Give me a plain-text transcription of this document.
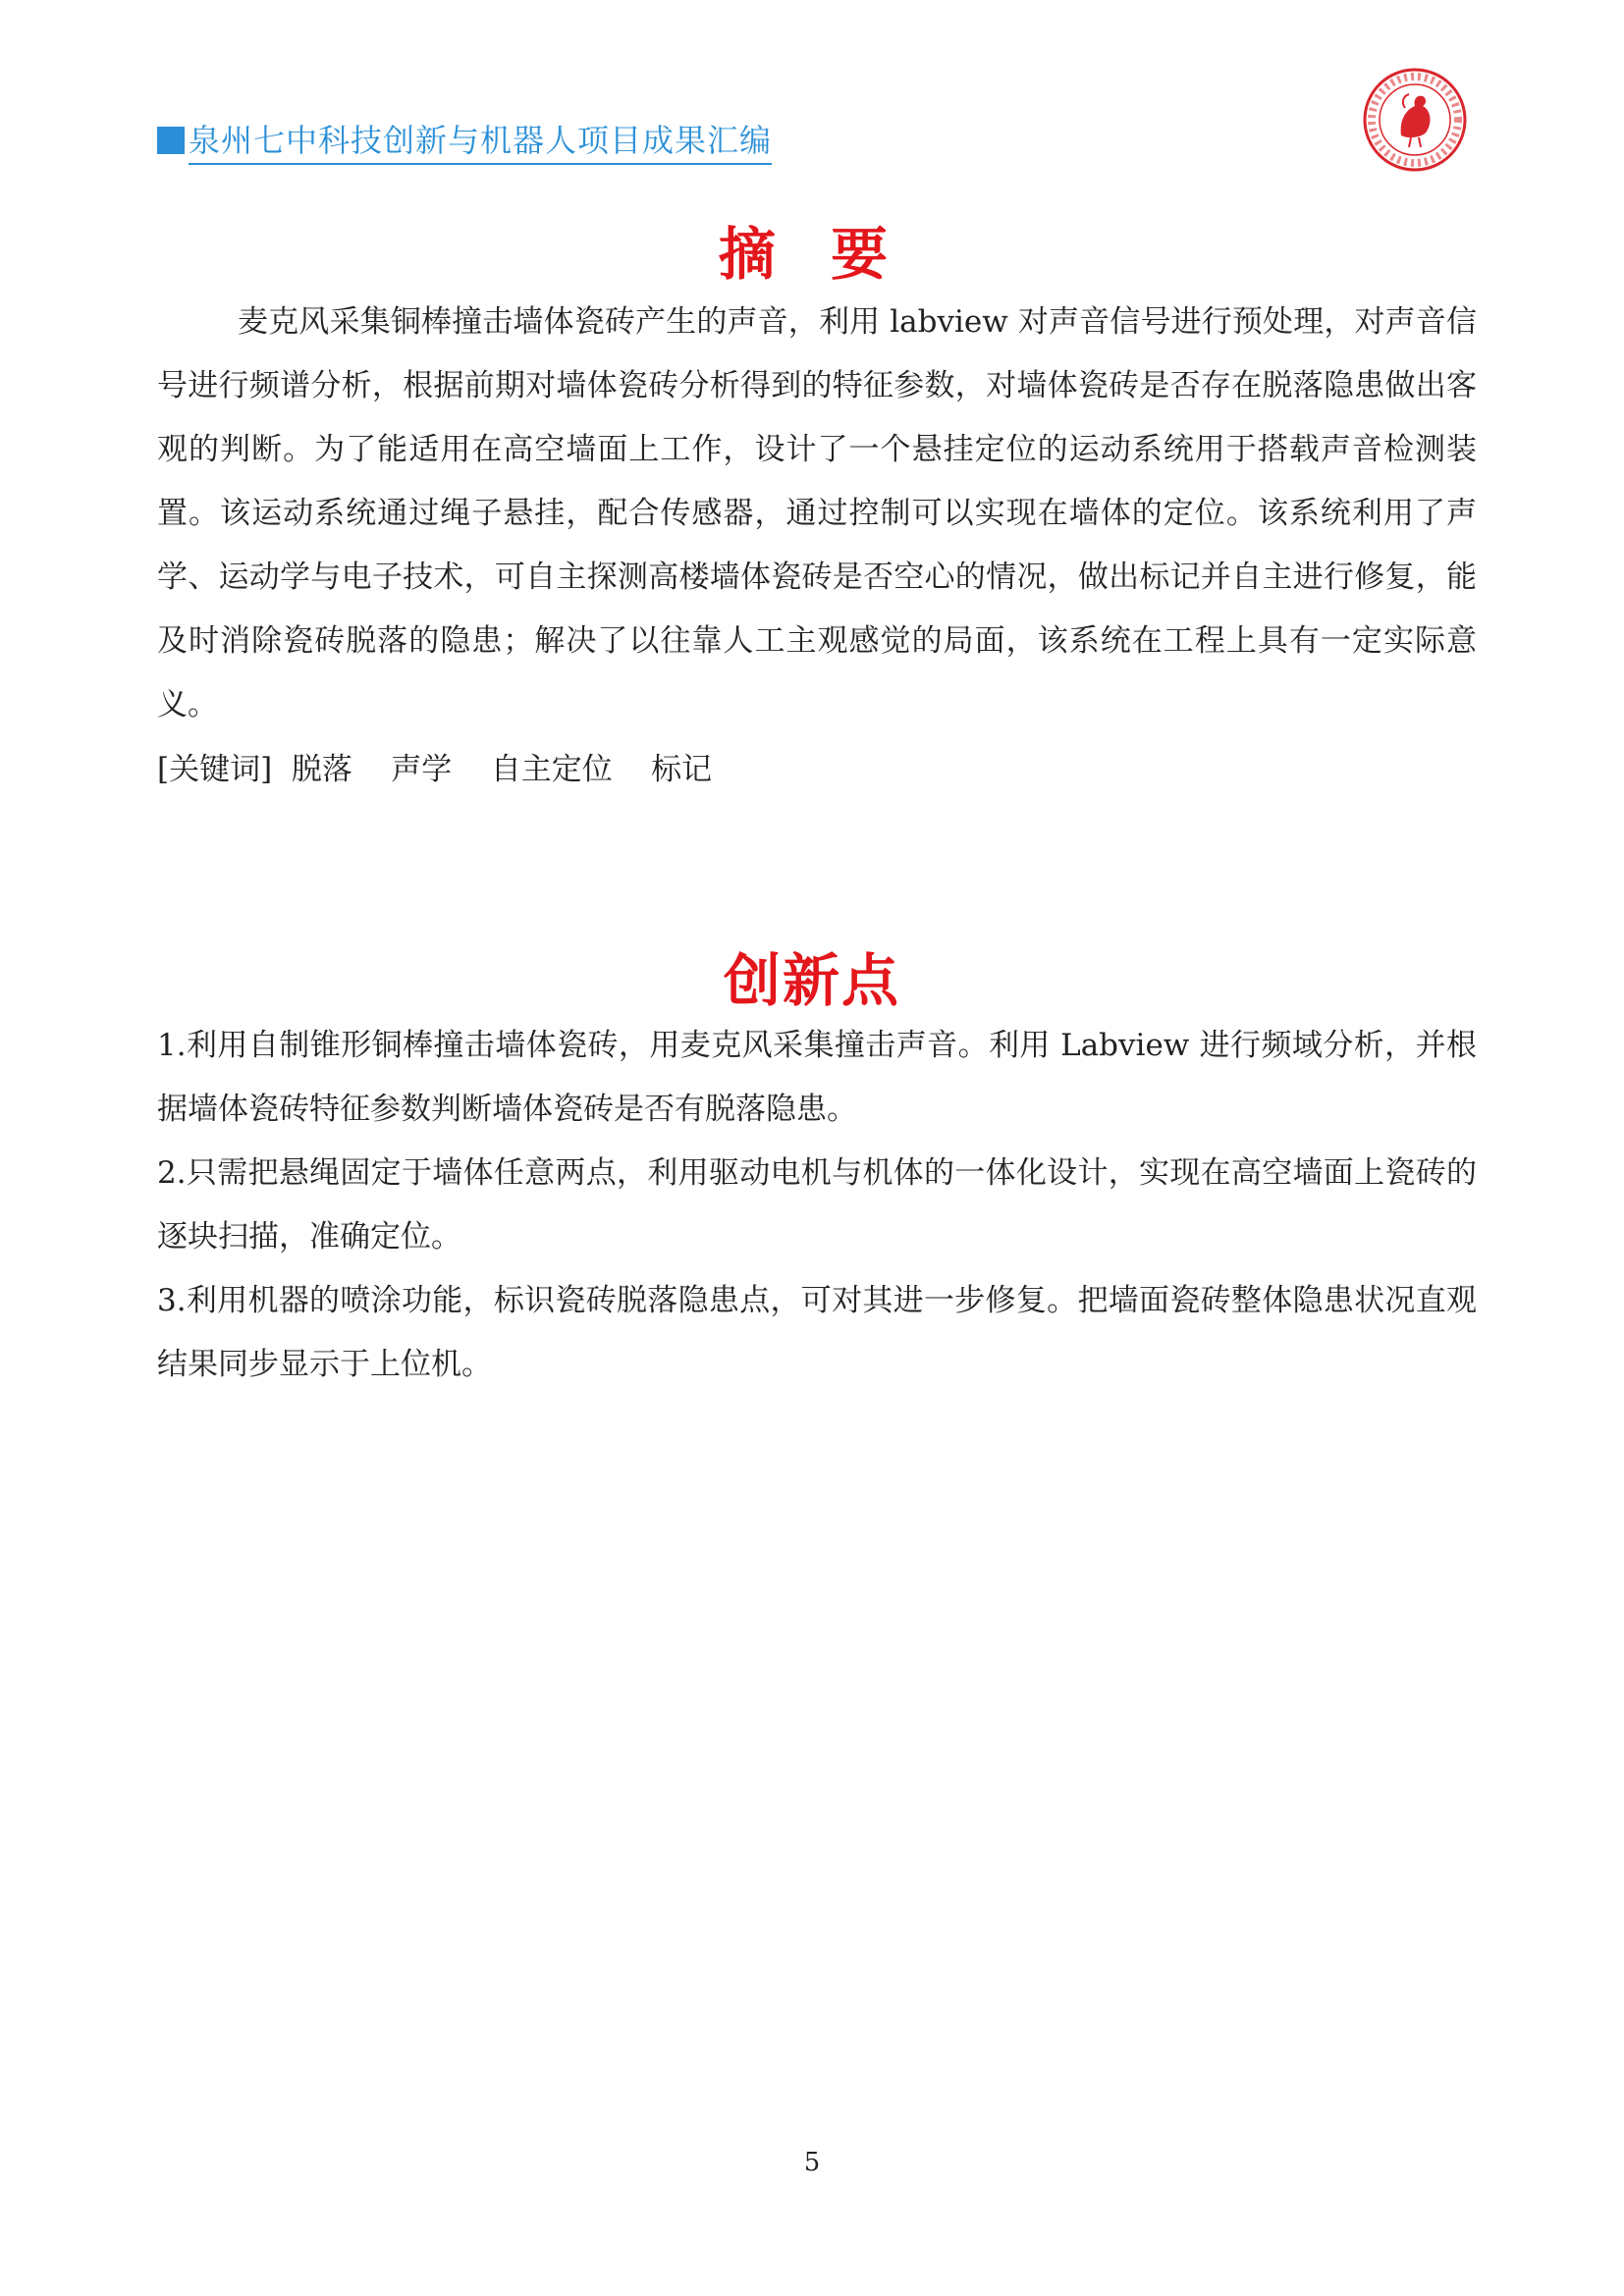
泉州七中科技创新与机器人项目成果汇编
摘 要
麦克风采集铜棒撞击墙体瓷砖产生的声音，利用 labview 对声音信号进行预处理，对声音信号进行频谱分析，根据前期对墙体瓷砖分析得到的特征参数，对墙体瓷砖是否存在脱落隐患做出客观的判断。为了能适用在高空墙面上工作，设计了一个悬挂定位的运动系统用于搭载声音检测装置。该运动系统通过绳子悬挂，配合传感器，通过控制可以实现在墙体的定位。该系统利用了声学、运动学与电子技术，可自主探测高楼墙体瓷砖是否空心的情况，做出标记并自主进行修复，能及时消除瓷砖脱落的隐患；解决了以往靠人工主观感觉的局面，该系统在工程上具有一定实际意义。
[关键词]  脱落    声学    自主定位    标记
创新点

1.利用自制锥形铜棒撞击墙体瓷砖，用麦克风采集撞击声音。利用 Labview 进行频域分析，并根据墙体瓷砖特征参数判断墙体瓷砖是否有脱落隐患。

2.只需把悬绳固定于墙体任意两点，利用驱动电机与机体的一体化设计，实现在高空墙面上瓷砖的逐块扫描，准确定位。

3.利用机器的喷涂功能，标识瓷砖脱落隐患点，可对其进一步修复。把墙面瓷砖整体隐患状况直观结果同步显示于上位机。

5
